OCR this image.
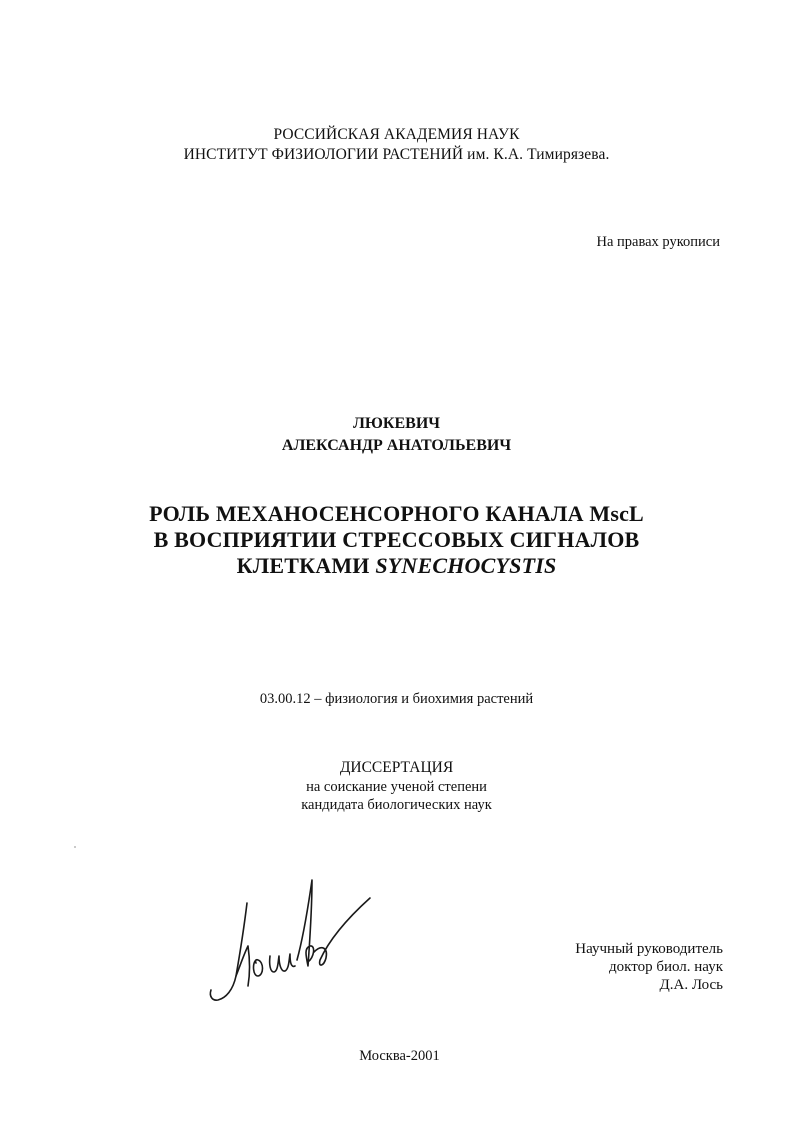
РОССИЙСКАЯ АКАДЕМИЯ НАУК
ИНСТИТУТ ФИЗИОЛОГИИ РАСТЕНИЙ им. К.А. Тимирязева.
На правах рукописи
ЛЮКЕВИЧ
АЛЕКСАНДР АНАТОЛЬЕВИЧ
РОЛЬ МЕХАНОСЕНСОРНОГО КАНАЛА MscL
В ВОСПРИЯТИИ СТРЕССОВЫХ СИГНАЛОВ
КЛЕТКАМИ SYNECHOCYSTIS
03.00.12 – физиология и биохимия растений
ДИССЕРТАЦИЯ
на соискание ученой степени
кандидата биологических наук
Научный руководитель
доктор биол. наук
Д.А. Лось
Москва-2001
